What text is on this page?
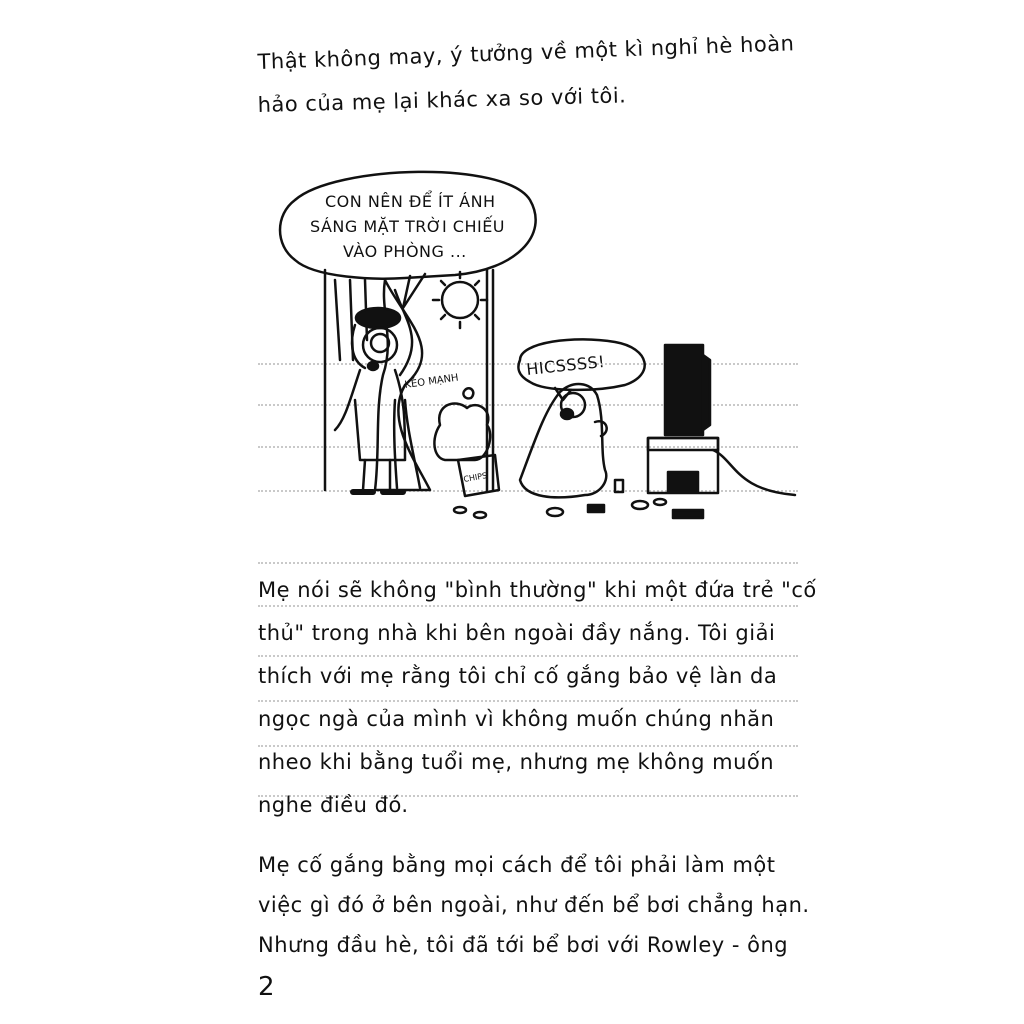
Thật không may, ý tưởng về một kì nghỉ hè hoàn
hảo của mẹ lại khác xa so với tôi.
CON NÊN ĐỂ ÍT ÁNH
SÁNG MẶT TRỜI CHIẾU
VÀO PHÒNG ...
HICSSSS!
KÉO MẠNH
CHIPS
Mẹ nói sẽ không "bình thường" khi một đứa trẻ "cố
thủ" trong nhà khi bên ngoài đầy nắng. Tôi giải
thích với mẹ rằng tôi chỉ cố gắng bảo vệ làn da
ngọc ngà của mình vì không muốn chúng nhăn
nheo khi bằng tuổi mẹ, nhưng mẹ không muốn
nghe điều đó.
Mẹ cố gắng bằng mọi cách để tôi phải làm một
việc gì đó ở bên ngoài, như đến bể bơi chẳng hạn.
Nhưng đầu hè, tôi đã tới bể bơi với Rowley - ông
2
